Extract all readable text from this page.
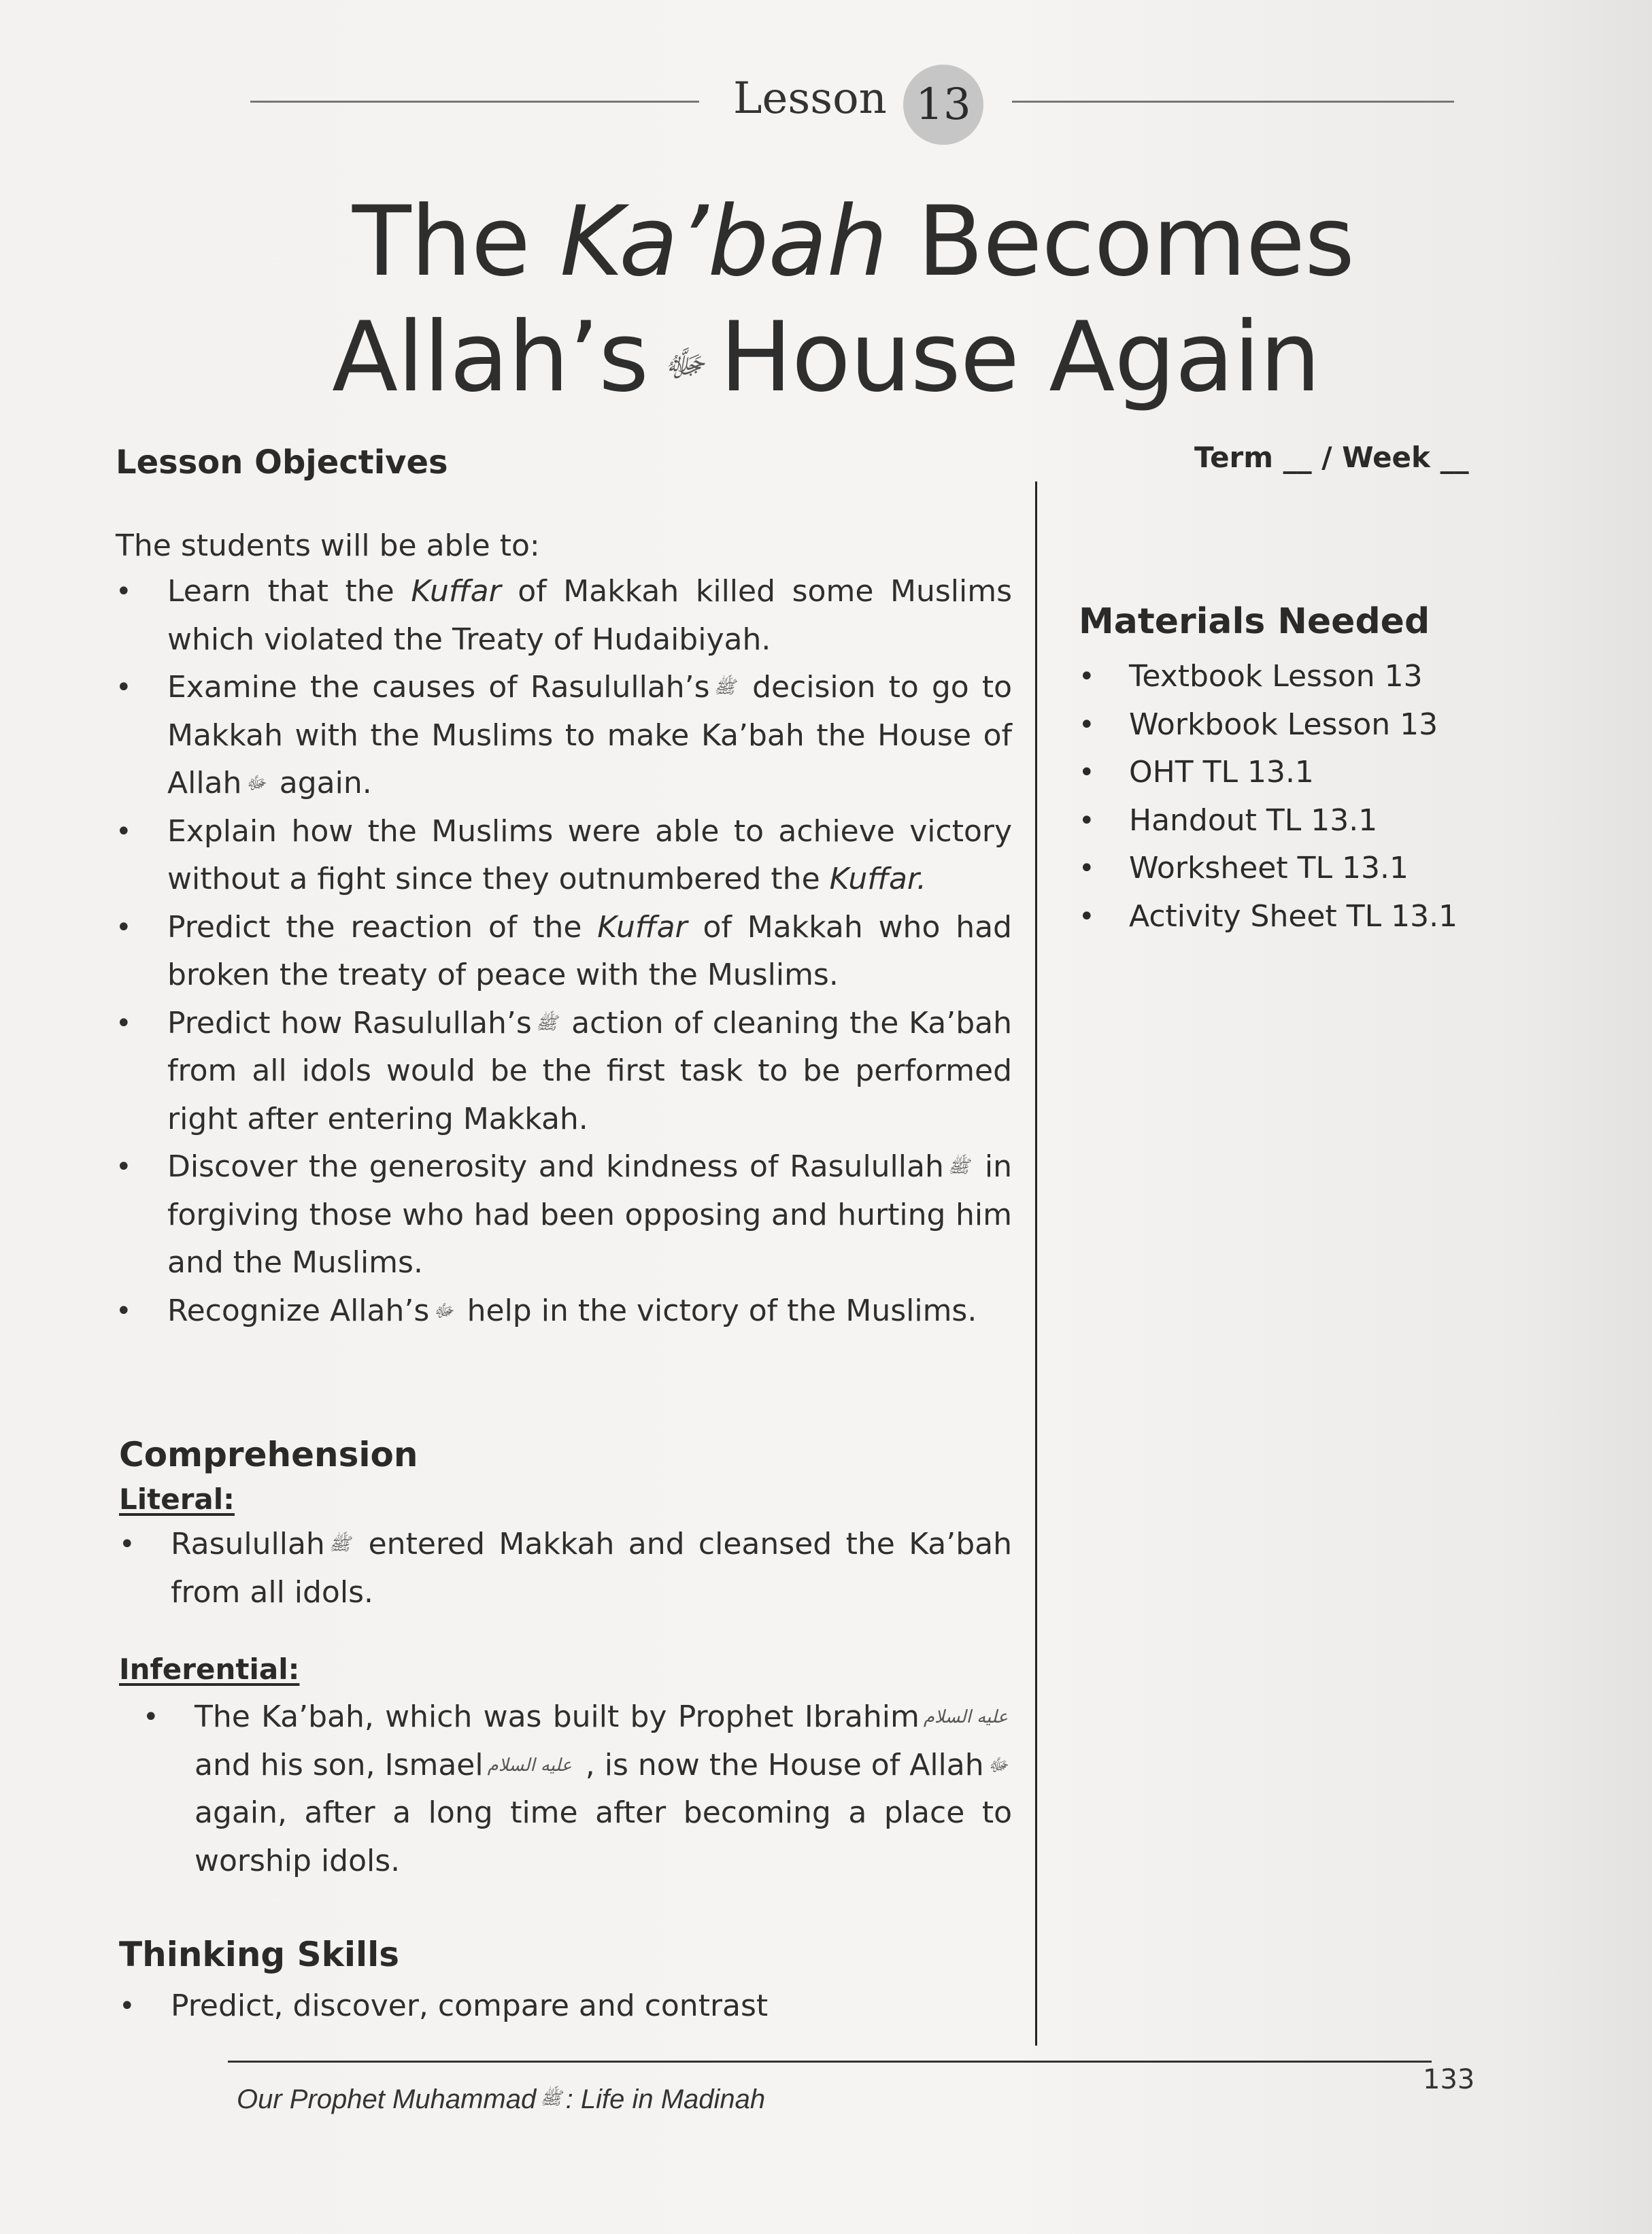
Lesson 13
The Ka’bah Becomes
Allah’s ﷻ House Again
Lesson Objectives	Term __ / Week __
The students will be able to:
• Learn that the Kuffar of Makkah killed some Muslims which violated the Treaty of Hudaibiyah.
• Examine the causes of Rasulullah’s ﷺ decision to go to Makkah with the Muslims to make Ka’bah the House of Allah ﷻ again.
• Explain how the Muslims were able to achieve victory without a fight since they outnumbered the Kuffar.
• Predict the reaction of the Kuffar of Makkah who had broken the treaty of peace with the Muslims.
• Predict how Rasulullah’s ﷺ action of cleaning the Ka’bah from all idols would be the first task to be performed right after entering Makkah.
• Discover the generosity and kindness of Rasulullah ﷺ in forgiving those who had been opposing and hurting him and the Muslims.
• Recognize Allah’s ﷻ help in the victory of the Muslims.
Comprehension
Literal:
• Rasulullah ﷺ entered Makkah and cleansed the Ka’bah from all idols.
Inferential:
• The Ka’bah, which was built by Prophet Ibrahim عليه السلام and his son, Ismael عليه السلام , is now the House of Allah ﷻ again, after a long time after becoming a place to worship idols.
Thinking Skills
• Predict, discover, compare and contrast
Materials Needed
• Textbook Lesson 13
• Workbook Lesson 13
• OHT TL 13.1
• Handout TL 13.1
• Worksheet TL 13.1
• Activity Sheet TL 13.1
133
Our Prophet Muhammad ﷺ : Life in Madinah
